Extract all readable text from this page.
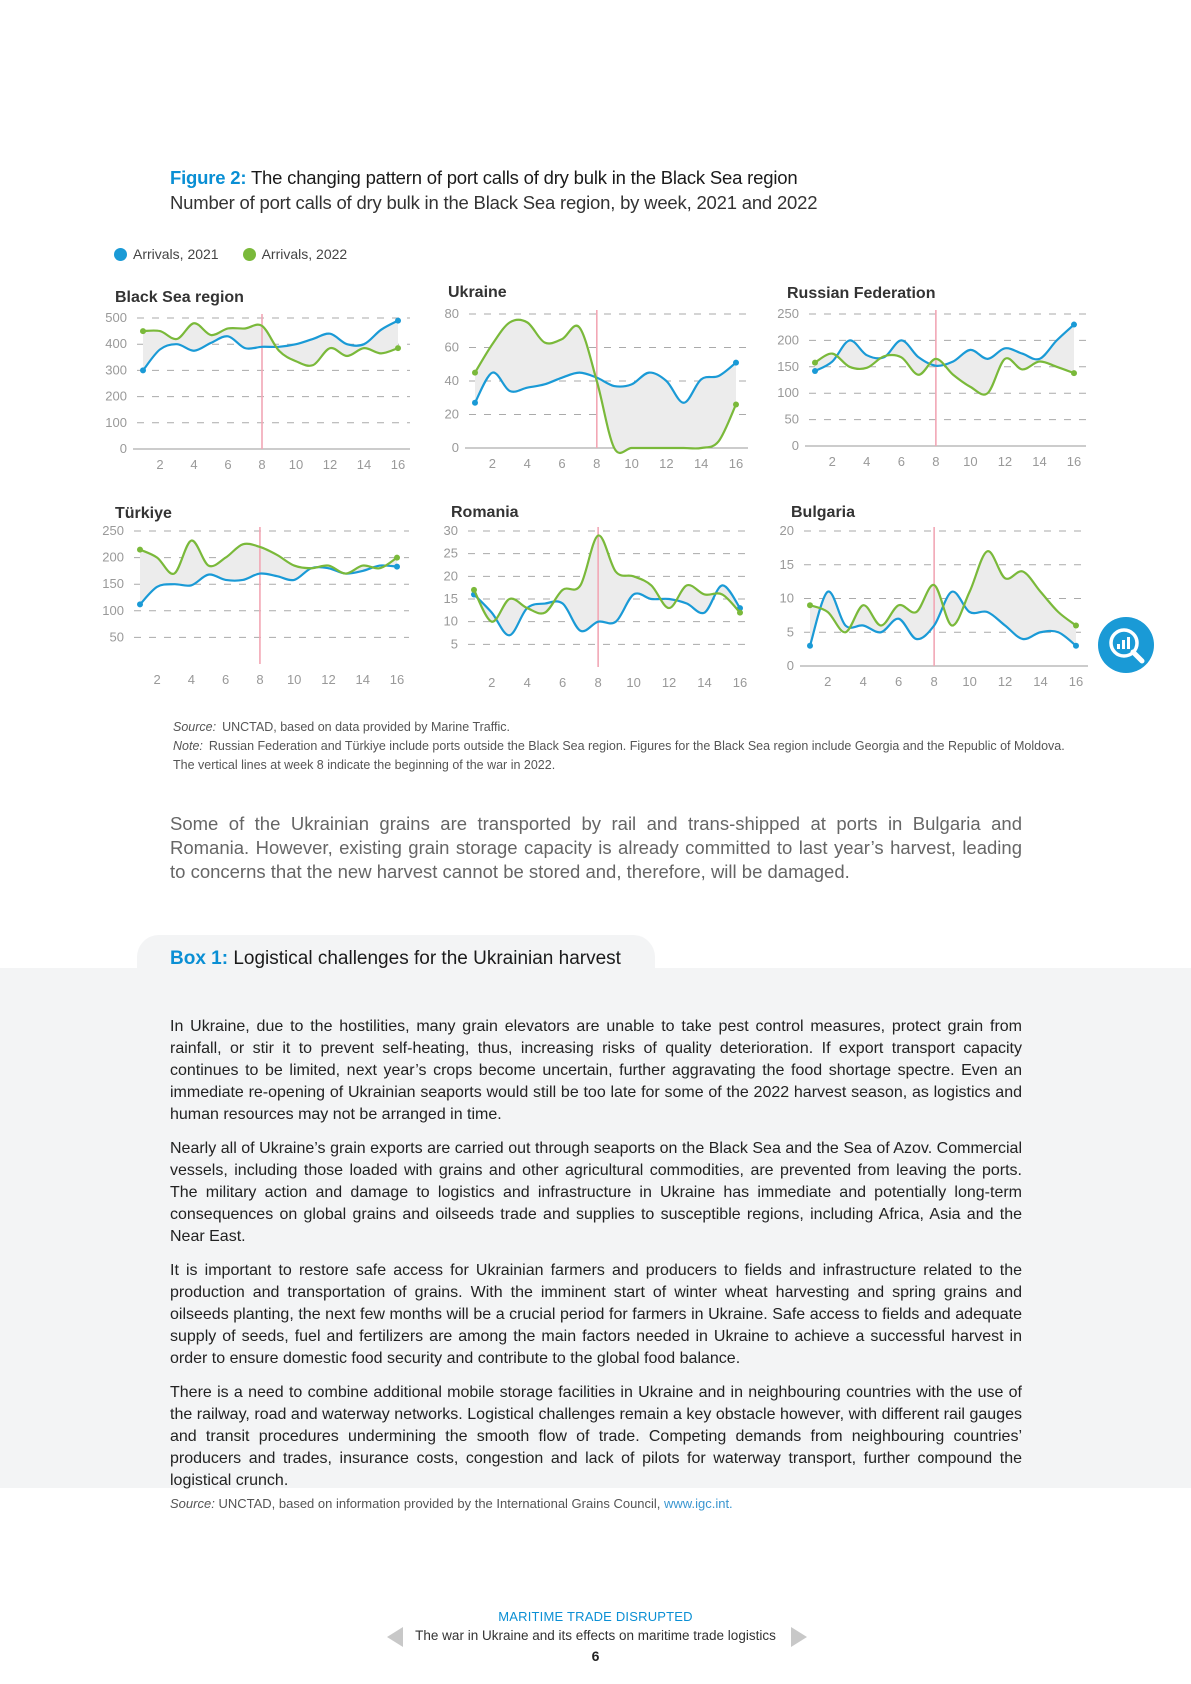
Figure 2: The changing pattern of port calls of dry bulk in the Black Sea region
Number of port calls of dry bulk in the Black Sea region, by week, 2021 and 2022
Arrivals, 2021	Arrivals, 2022
Black Sea region
0
100
200
300
400
500
2 4 6 8 10 12 14 16
Ukraine
0
20
40
60
80
2 4 6 8 10 12 14 16
Russian Federation
0
50
100
150
200
250
2 4 6 8 10 12 14 16
Türkiye
50
100
150
200
250
2 4 6 8 10 12 14 16
Romania
5
10
15
20
25
30
2 4 6 8 10 12 14 16
Bulgaria
0
5
10
15
20
2 4 6 8 10 12 14 16
Source: UNCTAD, based on data provided by Marine Traffic.
Note: Russian Federation and Türkiye include ports outside the Black Sea region. Figures for the Black Sea region include Georgia and the Republic of Moldova.
The vertical lines at week 8 indicate the beginning of the war in 2022.
Some of the Ukrainian grains are transported by rail and trans-shipped at ports in Bulgaria and Romania. However, existing grain storage capacity is already committed to last year’s harvest, leading to concerns that the new harvest cannot be stored and, therefore, will be damaged.
Box 1: Logistical challenges for the Ukrainian harvest

In Ukraine, due to the hostilities, many grain elevators are unable to take pest control measures, protect grain from rainfall, or stir it to prevent self-heating, thus, increasing risks of quality deterioration. If export transport capacity continues to be limited, next year’s crops become uncertain, further aggravating the food shortage spectre. Even an immediate re-opening of Ukrainian seaports would still be too late for some of the 2022 harvest season, as logistics and human resources may not be arranged in time.

Nearly all of Ukraine’s grain exports are carried out through seaports on the Black Sea and the Sea of Azov. Commercial vessels, including those loaded with grains and other agricultural commodities, are prevented from leaving the ports. The military action and damage to logistics and infrastructure in Ukraine has immediate and potentially long-term consequences on global grains and oilseeds trade and supplies to susceptible regions, including Africa, Asia and the Near East.

It is important to restore safe access for Ukrainian farmers and producers to fields and infrastructure related to the production and transportation of grains. With the imminent start of winter wheat harvesting and spring grains and oilseeds planting, the next few months will be a crucial period for farmers in Ukraine. Safe access to fields and adequate supply of seeds, fuel and fertilizers are among the main factors needed in Ukraine to achieve a successful harvest in order to ensure domestic food security and contribute to the global food balance.

There is a need to combine additional mobile storage facilities in Ukraine and in neighbouring countries with the use of the railway, road and waterway networks. Logistical challenges remain a key obstacle however, with different rail gauges and transit procedures undermining the smooth flow of trade. Competing demands from neighbouring countries’ producers and trades, insurance costs, congestion and lack of pilots for waterway transport, further compound the logistical crunch.

Source: UNCTAD, based on information provided by the International Grains Council, www.igc.int.
MARITIME TRADE DISRUPTED
The war in Ukraine and its effects on maritime trade logistics
6
